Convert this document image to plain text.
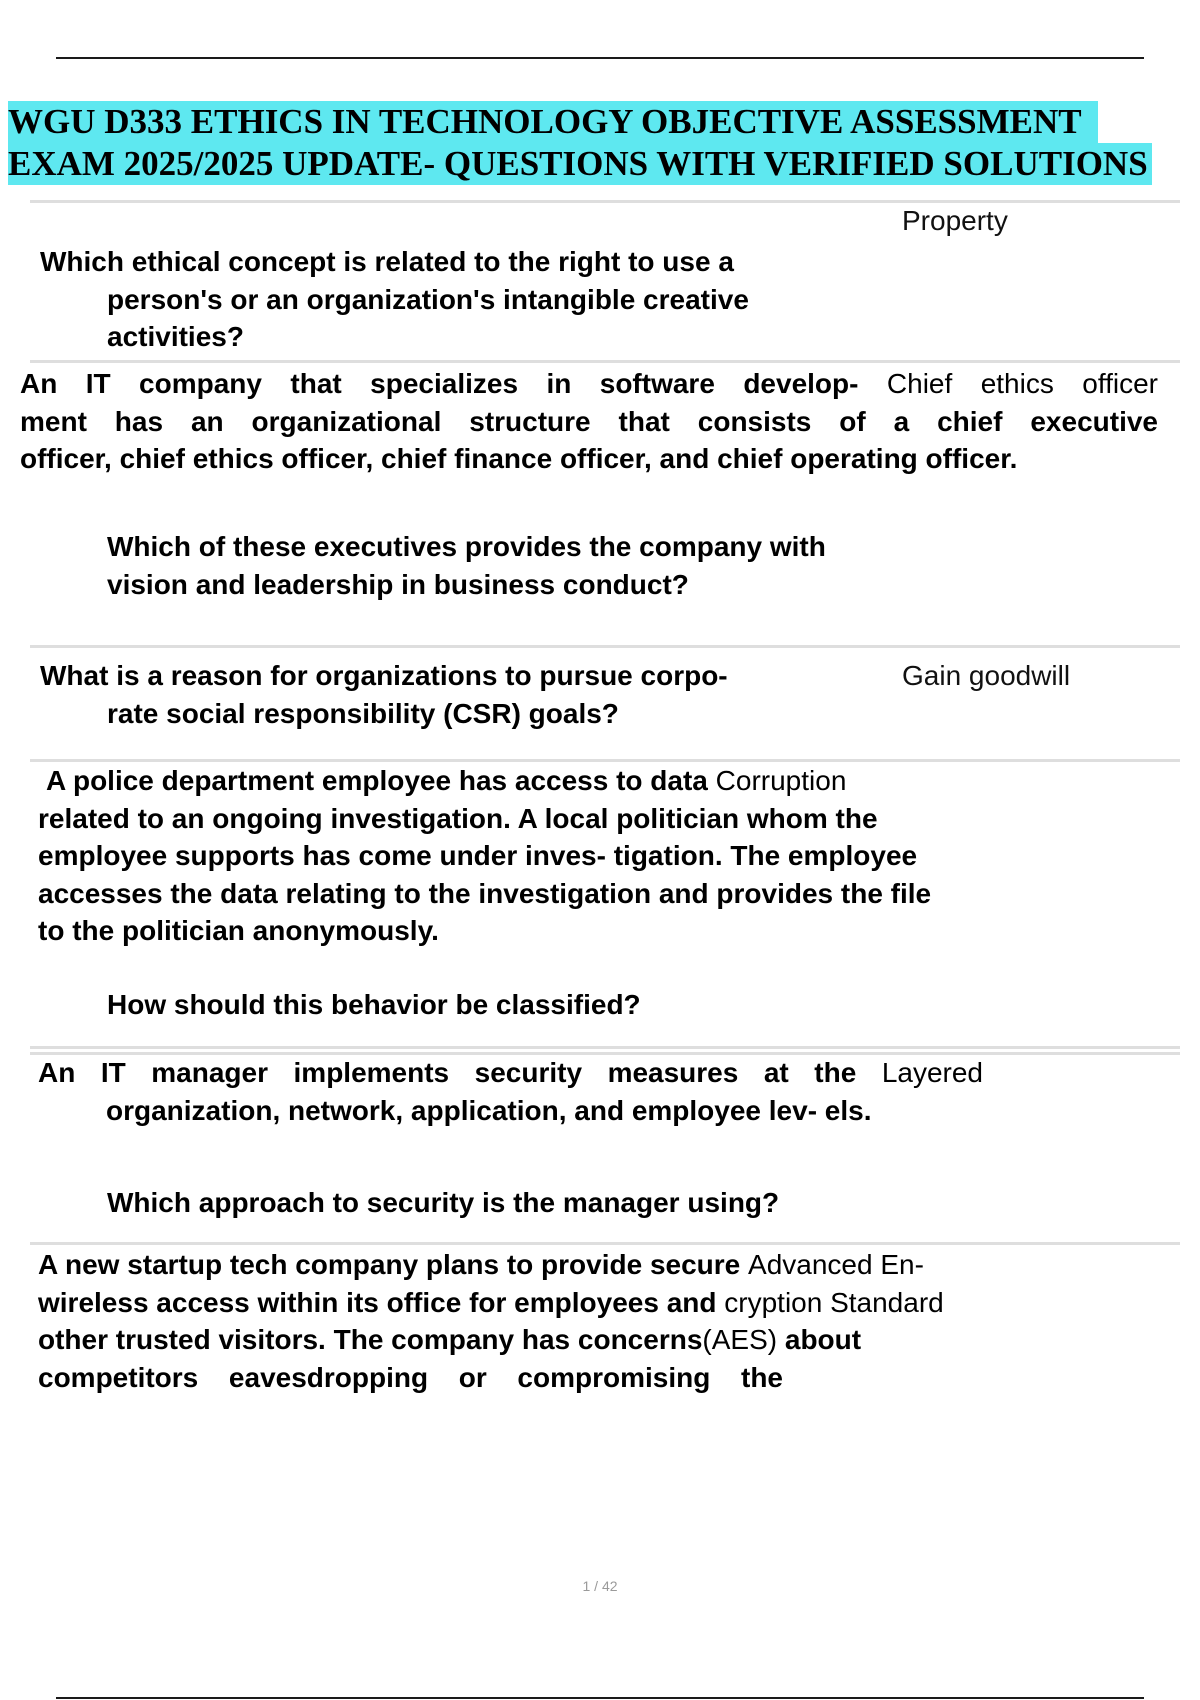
WGU D333 ETHICS IN TECHNOLOGY OBJECTIVE ASSESSMENT
EXAM 2025/2025 UPDATE- QUESTIONS WITH VERIFIED SOLUTIONS
Property
Which ethical concept is related to the right to use a
person's or an organization's intangible creative
activities?
An IT company that specializes in software develop- Chief ethics officer
ment has an organizational structure that consists of a chief executive
officer, chief ethics officer, chief finance officer, and chief operating officer.
Which of these executives provides the company with
vision and leadership in business conduct?
Gain goodwill
What is a reason for organizations to pursue corpo-
rate social responsibility (CSR) goals?
A police department employee has access to data Corruption
related to an ongoing investigation. A local politician whom the
employee supports has come under inves- tigation. The employee
accesses the data relating to the investigation and provides the file
to the politician anonymously.
How should this behavior be classified?
An IT manager implements security measures at the Layered
organization, network, application, and employee lev- els.
Which approach to security is the manager using?
A new startup tech company plans to provide secure Advanced En-
wireless access within its office for employees and cryption Standard
other trusted visitors. The company has concerns(AES) about
competitors eavesdropping or compromising the
1 / 42
